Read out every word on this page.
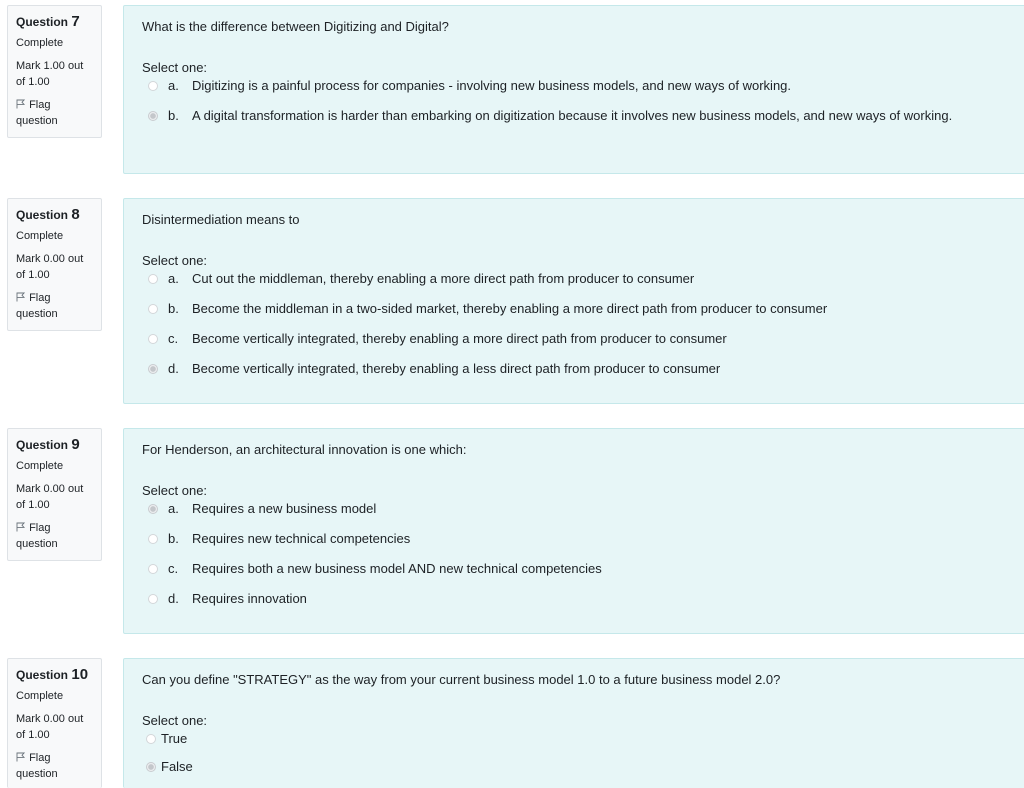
Question 7
Complete
Mark 1.00 out
of 1.00
Flag
question
What is the difference between Digitizing and Digital?
Select one:
a. Digitizing is a painful process for companies - involving new business models, and new ways of working.
b. A digital transformation is harder than embarking on digitization because it involves new business models, and new ways of working.
Question 8
Complete
Mark 0.00 out
of 1.00
Flag
question
Disintermediation means to
Select one:
a. Cut out the middleman, thereby enabling a more direct path from producer to consumer
b. Become the middleman in a two-sided market, thereby enabling a more direct path from producer to consumer
c. Become vertically integrated, thereby enabling a more direct path from producer to consumer
d. Become vertically integrated, thereby enabling a less direct path from producer to consumer
Question 9
Complete
Mark 0.00 out
of 1.00
Flag
question
For Henderson, an architectural innovation is one which:
Select one:
a. Requires a new business model
b. Requires new technical competencies
c. Requires both a new business model AND new technical competencies
d. Requires innovation
Question 10
Complete
Mark 0.00 out
of 1.00
Flag
question
Can you define "STRATEGY" as the way from your current business model 1.0 to a future business model 2.0?
Select one:
True
False
